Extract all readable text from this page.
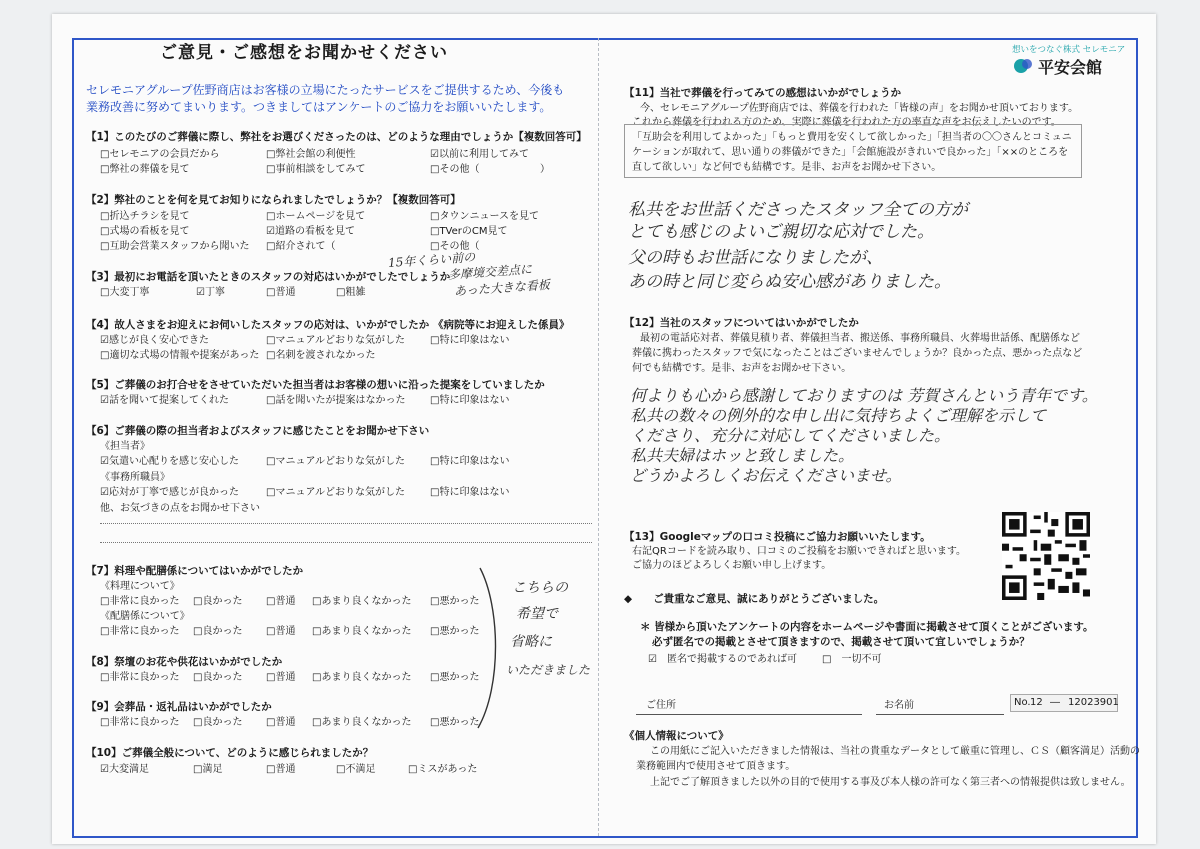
ご意見・ご感想をお聞かせください
セレモニアグループ佐野商店はお客様の立場にたったサービスをご提供するため、今後も
業務改善に努めてまいります。つきましてはアンケートのご協力をお願いいたします。
【1】このたびのご葬儀に際し、弊社をお選びくださったのは、どのような理由でしょうか【複数回答可】
□セレモニアの会員だから	□弊社会館の利便性	☑以前に利用してみて
□弊社の葬儀を見て	□事前相談をしてみて	□その他（	）
【2】弊社のことを何を見てお知りになられましたでしょうか？【複数回答可】
□折込チラシを見て	□ホームページを見て	□タウンニュースを見て
□式場の看板を見て	☑道路の看板を見て	□TVerのCM見て
□互助会営業スタッフから聞いた □紹介されて（	□その他（
15年くらい前の
多摩境交差点に
あった大きな看板
【3】最初にお電話を頂いたときのスタッフの対応はいかがでしたでしょうか
□大変丁寧	☑丁寧	□普通	□粗雑
【4】故人さまをお迎えにお伺いしたスタッフの応対は、いかがでしたか 《病院等にお迎えした係員》
☑感じが良く安心できた	□マニュアルどおりな気がした □特に印象はない
□適切な式場の情報や提案があった □名刺を渡されなかった
【5】ご葬儀のお打合せをさせていただいた担当者はお客様の想いに沿った提案をしていましたか
☑話を聞いて提案してくれた	□話を聞いたが提案はなかった □特に印象はない
【6】ご葬儀の際の担当者およびスタッフに感じたことをお聞かせ下さい
《担当者》
☑気遣い心配りを感じ安心した	□マニュアルどおりな気がした □特に印象はない
《事務所職員》
☑応対が丁寧で感じが良かった	□マニュアルどおりな気がした □特に印象はない
他、お気づきの点をお聞かせ下さい
【7】料理や配膳係についてはいかがでしたか
《料理について》
□非常に良かった □良かった □普通 □あまり良くなかった □悪かった
《配膳係について》
□非常に良かった □良かった □普通 □あまり良くなかった □悪かった
【8】祭壇のお花や供花はいかがでしたか
□非常に良かった □良かった □普通 □あまり良くなかった □悪かった
【9】会葬品・返礼品はいかがでしたか
□非常に良かった □良かった □普通 □あまり良くなかった □悪かった
【10】ご葬儀全般について、どのように感じられましたか？
☑大変満足	□満足	□普通	□不満足	□ミスがあった
こちらの
希望で
省略に
いただきました
想いをつなぐ株式 セレモニア
平安会館
【11】当社で葬儀を行ってみての感想はいかがでしょうか
今、セレモニアグループ佐野商店では、葬儀を行われた「皆様の声」をお聞かせ頂いております。
これから葬儀を行われる方のため、実際に葬儀を行われた方の率直な声をお伝えしたいのです。
「互助会を利用してよかった」「もっと費用を安くして欲しかった」「担当者の〇〇さんとコミュニ
ケーションが取れて、思い通りの葬儀ができた」「会館施設がきれいで良かった」「××のところを
直して欲しい」など何でも結構です。是非、お声をお聞かせ下さい。
私共をお世話くださったスタッフ全ての方が
とても感じのよいご親切な応対でした。
父の時もお世話になりましたが、
あの時と同じ変らぬ安心感がありました。
【12】当社のスタッフについてはいかがでしたか
最初の電話応対者、葬儀見積り者、葬儀担当者、搬送係、事務所職員、火葬場世話係、配膳係など
葬儀に携わったスタッフで気になったことはございませんでしょうか？良かった点、悪かった点など
何でも結構です。是非、お声をお聞かせ下さい。
何よりも心から感謝しておりますのは 芳賀さんという青年です。
私共の数々の例外的な申し出に気持ちよくご理解を示して
くださり、充分に対応してくださいました。
私共夫婦はホッと致しました。
どうかよろしくお伝えくださいませ。
【13】Googleマップの口コミ投稿にご協力お願いいたします。
右記QRコードを読み取り、口コミのご投稿をお願いできればと思います。
ご協力のほどよろしくお願い申し上げます。
◆　　ご貴重なご意見、誠にありがとうございました。
＊ 皆様から頂いたアンケートの内容をホームページや書面に掲載させて頂くことがございます。
必ず匿名での掲載とさせて頂きますので、掲載させて頂いて宜しいでしょうか？
☑　匿名で掲載するのであれば可	□　一切不可
ご住所	お名前	No. 12 ― 12023901
《個人情報について》
この用紙にご記入いただきました情報は、当社の貴重なデータとして厳重に管理し、ＣＳ（顧客満足）活動の
業務範囲内で使用させて頂きます。
上記でご了解頂きました以外の目的で使用する事及び本人様の許可なく第三者への情報提供は致しません。
